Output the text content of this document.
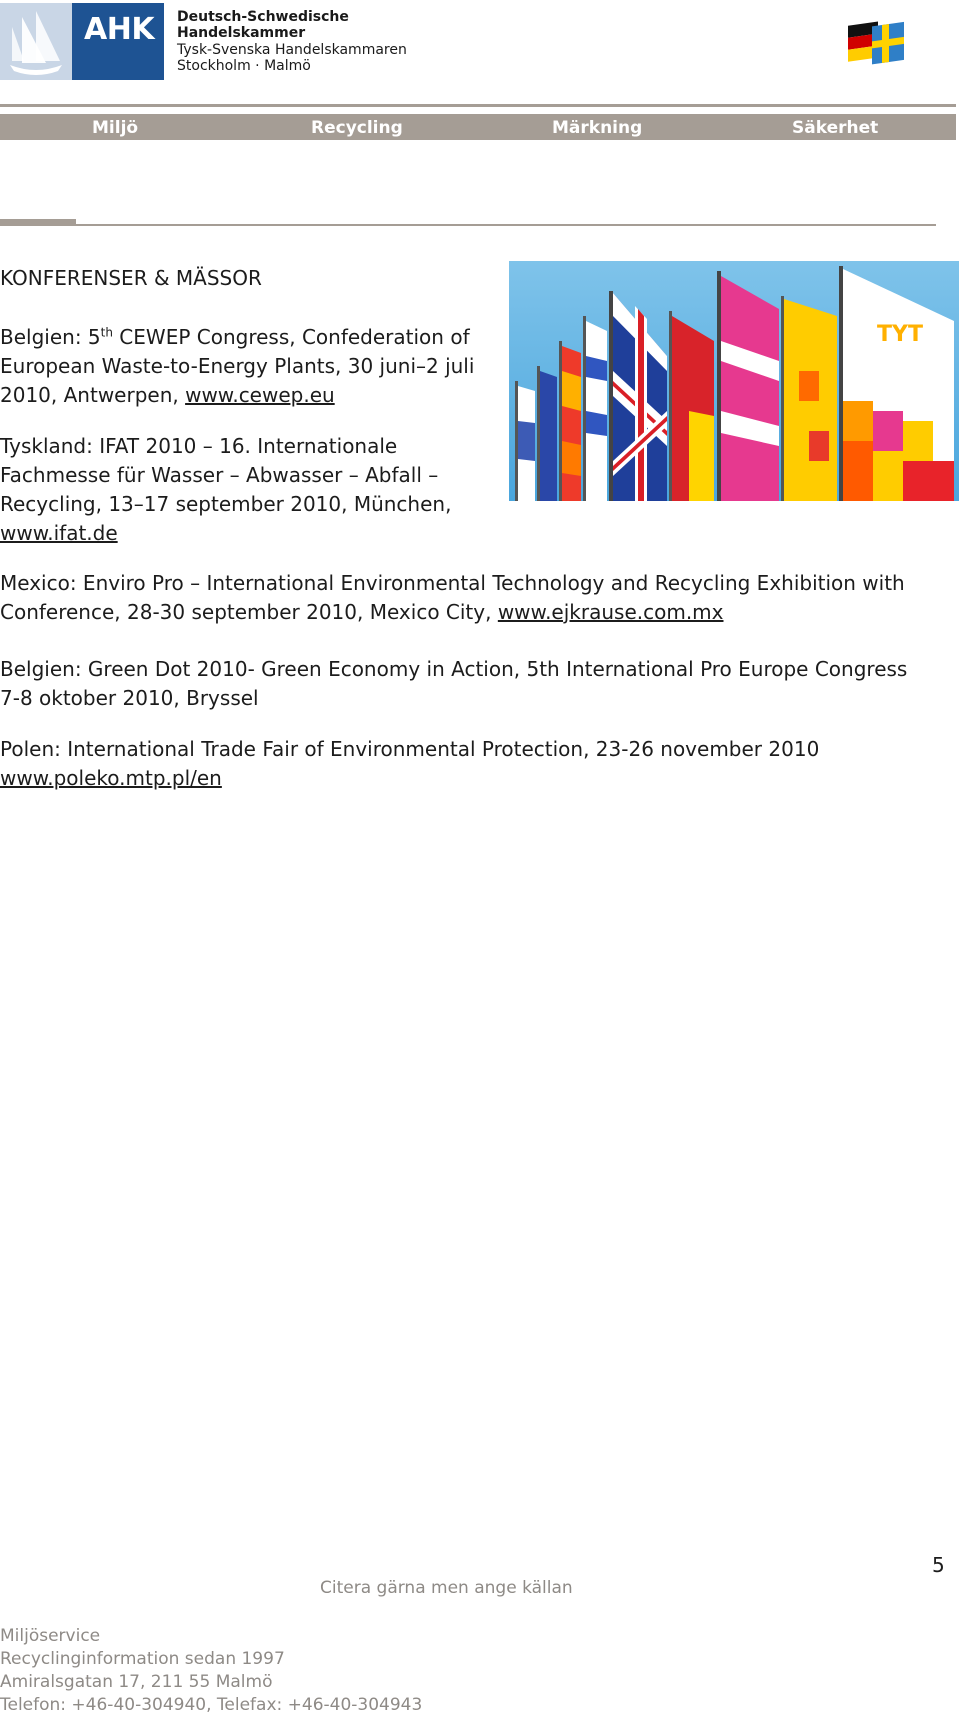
AHK Deutsch-Schwedische
Handelskammer
Tysk-Svenska Handelskammaren
Stockholm · Malmö
Miljö	Recycling	Märkning	Säkerhet
KONFERENSER & MÄSSOR
Belgien: 5th CEWEP Congress, Confederation of
European Waste-to-Energy Plants, 30 juni–2 juli
2010, Antwerpen, www.cewep.eu
Tyskland: IFAT 2010 – 16. Internationale
Fachmesse für Wasser – Abwasser – Abfall –
Recycling, 13–17 september 2010, München,
www.ifat.de
Mexico: Enviro Pro – International Environmental Technology and Recycling Exhibition with
Conference, 28-30 september 2010, Mexico City, www.ejkrause.com.mx
Belgien: Green Dot 2010- Green Economy in Action, 5th International Pro Europe Congress
7-8 oktober 2010, Bryssel
Polen: International Trade Fair of Environmental Protection, 23-26 november 2010
www.poleko.mtp.pl/en
TYT
5
Citera gärna men ange källan
Miljöservice
Recyclinginformation sedan 1997
Amiralsgatan 17, 211 55 Malmö
Telefon: +46-40-304940, Telefax: +46-40-304943
